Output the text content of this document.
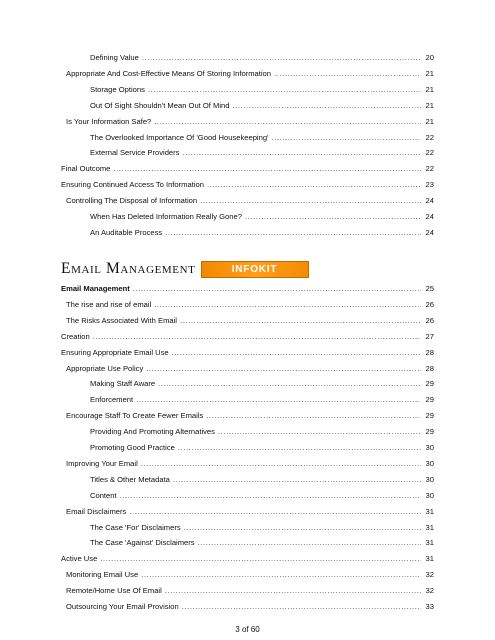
Defining Value .....	20
Appropriate And Cost-Effective Means Of Storing Information .....	21
Storage Options .....	21
Out Of Sight Shouldn't Mean Out Of Mind .....	21
Is Your Information Safe? .....	21
The Overlooked Importance Of 'Good Housekeeping' .....	22
External Service Providers .....	22
Final Outcome .....	22
Ensuring Continued Access To Information .....	23
Controlling The Disposal of Information .....	24
When Has Deleted Information Really Gone? .....	24
An Auditable Process .....	24
Email Management	INFOKIT
Email Management .....	25
The rise and rise of email .....	26
The Risks Associated With Email .....	26
Creation .....	27
Ensuring Appropriate Email Use .....	28
Appropriate Use Policy .....	28
Making Staff Aware .....	29
Enforcement .....	29
Encourage Staff To Create Fewer Emails .....	29
Providing And Promoting Alternatives .....	29
Promoting Good Practice .....	30
Improving Your Email .....	30
Titles & Other Metadata .....	30
Content .....	30
Email Disclaimers .....	31
The Case 'For' Disclaimers .....	31
The Case 'Against' Disclaimers .....	31
Active Use .....	31
Monitoring Email Use .....	32
Remote/Home Use Of Email .....	32
Outsourcing Your Email Provision .....	33
3 of 60
